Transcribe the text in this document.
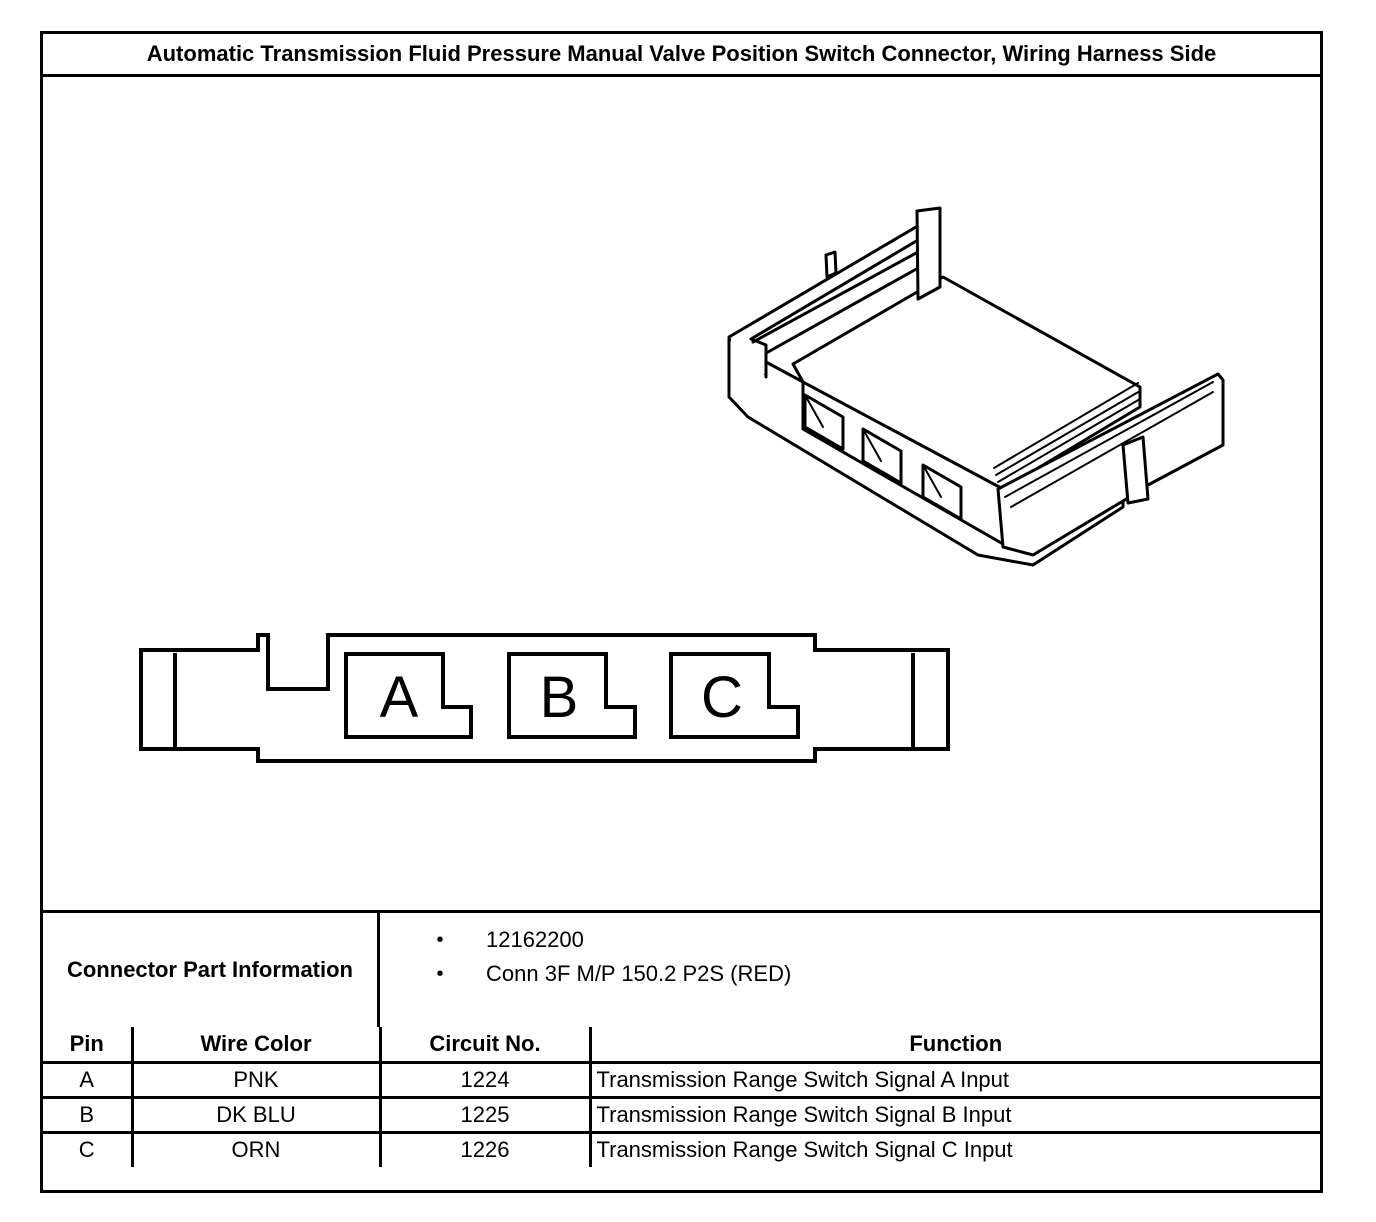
Automatic Transmission Fluid Pressure Manual Valve Position Switch Connector, Wiring Harness Side
A B C
Connector Part Information
•	12162200
•	Conn 3F M/P 150.2 P2S (RED)
Pin	Wire Color	Circuit No.	Function
A	PNK	1224	Transmission Range Switch Signal A Input
B	DK BLU	1225	Transmission Range Switch Signal B Input
C	ORN	1226	Transmission Range Switch Signal C Input
